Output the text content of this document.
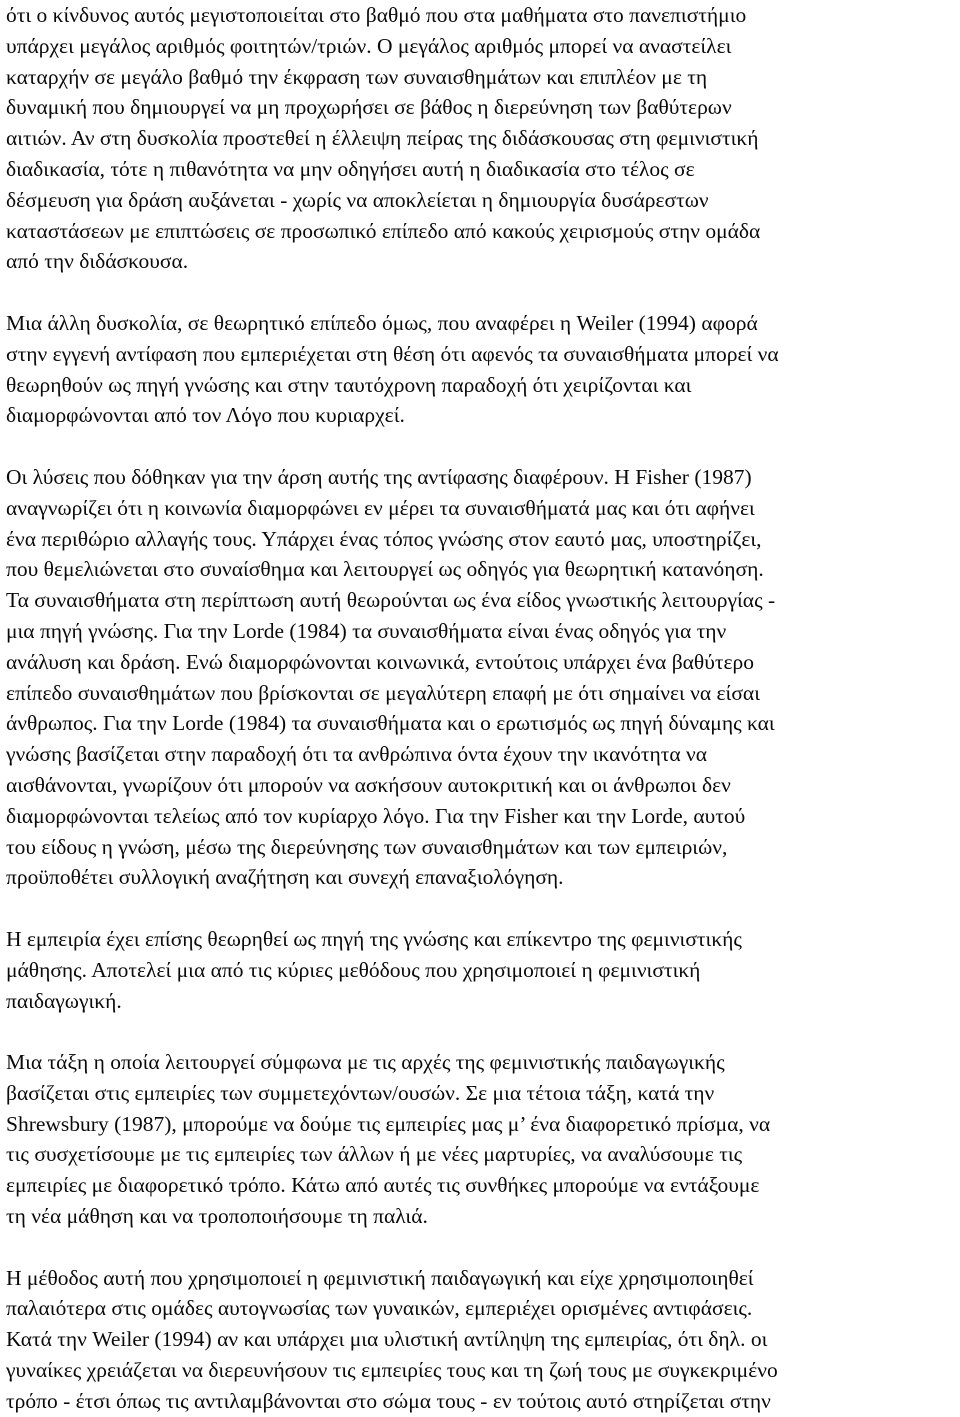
ότι ο κίνδυνος αυτός μεγιστοποιείται στο βαθμό που στα μαθήματα στο πανεπιστήμιο
υπάρχει μεγάλος αριθμός φοιτητών/τριών. Ο μεγάλος αριθμός μπορεί να αναστείλει
καταρχήν σε μεγάλο βαθμό την έκφραση των συναισθημάτων και επιπλέον με τη
δυναμική που δημιουργεί να μη προχωρήσει σε βάθος η διερεύνηση των βαθύτερων
αιτιών. Αν στη δυσκολία προστεθεί η έλλειψη πείρας της διδάσκουσας στη φεμινιστική
διαδικασία, τότε η πιθανότητα να μην οδηγήσει αυτή η διαδικασία στο τέλος σε
δέσμευση για δράση αυξάνεται - χωρίς να αποκλείεται η δημιουργία δυσάρεστων
καταστάσεων με επιπτώσεις σε προσωπικό επίπεδο από κακούς χειρισμούς στην ομάδα
από την διδάσκουσα.
Μια άλλη δυσκολία, σε θεωρητικό επίπεδο όμως, που αναφέρει η Weiler (1994) αφορά
στην εγγενή αντίφαση που εμπεριέχεται στη θέση ότι αφενός τα συναισθήματα μπορεί να
θεωρηθούν ως πηγή γνώσης και στην ταυτόχρονη παραδοχή ότι χειρίζονται και
διαμορφώνονται από τον Λόγο που κυριαρχεί.
Οι λύσεις που δόθηκαν για την άρση αυτής της αντίφασης διαφέρουν. Η Fisher (1987)
αναγνωρίζει ότι η κοινωνία διαμορφώνει εν μέρει τα συναισθήματά μας και ότι αφήνει
ένα περιθώριο αλλαγής τους. Υπάρχει ένας τόπος γνώσης στον εαυτό μας, υποστηρίζει,
που θεμελιώνεται στο συναίσθημα και λειτουργεί ως οδηγός για θεωρητική κατανόηση.
Τα συναισθήματα στη περίπτωση αυτή θεωρούνται ως ένα είδος γνωστικής λειτουργίας -
μια πηγή γνώσης. Για την Lorde (1984) τα συναισθήματα είναι ένας οδηγός για την
ανάλυση και δράση. Ενώ διαμορφώνονται κοινωνικά, εντούτοις υπάρχει ένα βαθύτερο
επίπεδο συναισθημάτων που βρίσκονται σε μεγαλύτερη επαφή με ότι σημαίνει να είσαι
άνθρωπος. Για την Lorde (1984) τα συναισθήματα και ο ερωτισμός ως πηγή δύναμης και
γνώσης βασίζεται στην παραδοχή ότι τα ανθρώπινα όντα έχουν την ικανότητα να
αισθάνονται, γνωρίζουν ότι μπορούν να ασκήσουν αυτοκριτική και οι άνθρωποι δεν
διαμορφώνονται τελείως από τον κυρίαρχο λόγο. Για την Fisher και την Lorde, αυτού
του είδους η γνώση, μέσω της διερεύνησης των συναισθημάτων και των εμπειριών,
προϋποθέτει συλλογική αναζήτηση και συνεχή επαναξιολόγηση.
Η εμπειρία έχει επίσης θεωρηθεί ως πηγή της γνώσης και επίκεντρο της φεμινιστικής
μάθησης. Αποτελεί μια από τις κύριες μεθόδους που χρησιμοποιεί η φεμινιστική
παιδαγωγική.
Μια τάξη η οποία λειτουργεί σύμφωνα με τις αρχές της φεμινιστικής παιδαγωγικής
βασίζεται στις εμπειρίες των συμμετεχόντων/ουσών. Σε μια τέτοια τάξη, κατά την
Shrewsbury (1987), μπορούμε να δούμε τις εμπειρίες μας μ’ ένα διαφορετικό πρίσμα, να
τις συσχετίσουμε με τις εμπειρίες των άλλων ή με νέες μαρτυρίες, να αναλύσουμε τις
εμπειρίες με διαφορετικό τρόπο. Κάτω από αυτές τις συνθήκες μπορούμε να εντάξουμε
τη νέα μάθηση και να τροποποιήσουμε τη παλιά.
Η μέθοδος αυτή που χρησιμοποιεί η φεμινιστική παιδαγωγική και είχε χρησιμοποιηθεί
παλαιότερα στις ομάδες αυτογνωσίας των γυναικών, εμπεριέχει ορισμένες αντιφάσεις.
Κατά την Weiler (1994) αν και υπάρχει μια υλιστική αντίληψη της εμπειρίας, ότι δηλ. οι
γυναίκες χρειάζεται να διερευνήσουν τις εμπειρίες τους και τη ζωή τους με συγκεκριμένο
τρόπο - έτσι όπως τις αντιλαμβάνονται στο σώμα τους - εν τούτοις αυτό στηρίζεται στην
